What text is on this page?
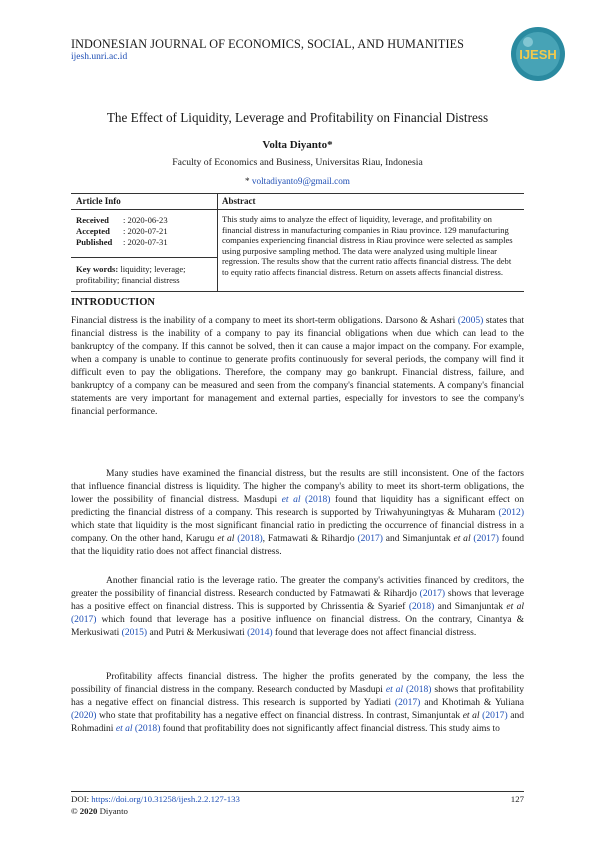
INDONESIAN JOURNAL OF ECONOMICS, SOCIAL, AND HUMANITIES
ijesh.unri.ac.id	IJESH
The Effect of Liquidity, Leverage and Profitability on Financial Distress
Volta Diyanto*
Faculty of Economics and Business, Universitas Riau, Indonesia
* voltadiyanto9@gmail.com
Article Info	Abstract
Received : 2020-06-23
Accepted : 2020-07-21
Published : 2020-07-31
Key words: liquidity; leverage; profitability; financial distress
This study aims to analyze the effect of liquidity, leverage, and profitability on financial distress in manufacturing companies in Riau province. 129 manufacturing companies experiencing financial distress in Riau province were selected as samples using purposive sampling method. The data were analyzed using multiple linear regression. The results show that the current ratio affects financial distress. The debt to equity ratio affects financial distress. Return on assets affects financial distress.
INTRODUCTION
Financial distress is the inability of a company to meet its short-term obligations. Darsono & Ashari (2005) states that financial distress is the inability of a company to pay its financial obligations when due which can lead to the bankruptcy of the company. If this cannot be solved, then it can cause a major impact on the company. For example, when a company is unable to continue to generate profits continuously for several periods, the company will find it difficult even to pay the obligations. Therefore, the company may go bankrupt. Financial distress, failure, and bankruptcy of a company can be measured and seen from the company's financial statements. A company's financial statements are very important for management and external parties, especially for investors to see the company's financial performance.
Many studies have examined the financial distress, but the results are still inconsistent. One of the factors that influence financial distress is liquidity. The higher the company's ability to meet its short-term obligations, the lower the possibility of financial distress. Masdupi et al (2018) found that liquidity has a significant effect on predicting the financial distress of a company. This research is supported by Triwahyuningtyas & Muharam (2012) which state that liquidity is the most significant financial ratio in predicting the occurrence of financial distress in a company. On the other hand, Karugu et al (2018), Fatmawati & Rihardjo (2017) and Simanjuntak et al (2017) found that the liquidity ratio does not affect financial distress.
Another financial ratio is the leverage ratio. The greater the company's activities financed by creditors, the greater the possibility of financial distress. Research conducted by Fatmawati & Rihardjo (2017) shows that leverage has a positive effect on financial distress. This is supported by Chrissentia & Syarief (2018) and Simanjuntak et al (2017) which found that leverage has a positive influence on financial distress. On the contrary, Cinantya & Merkusiwati (2015) and Putri & Merkusiwati (2014) found that leverage does not affect financial distress.
Profitability affects financial distress. The higher the profits generated by the company, the less the possibility of financial distress in the company. Research conducted by Masdupi et al (2018) shows that profitability has a negative effect on financial distress. This research is supported by Yadiati (2017) and Khotimah & Yuliana (2020) who state that profitability has a negative effect on financial distress. In contrast, Simanjuntak et al (2017) and Rohmadini et al (2018) found that profitability does not significantly affect financial distress. This study aims to
DOI: https://doi.org/10.31258/ijesh.2.2.127-133
© 2020 Diyanto
127
